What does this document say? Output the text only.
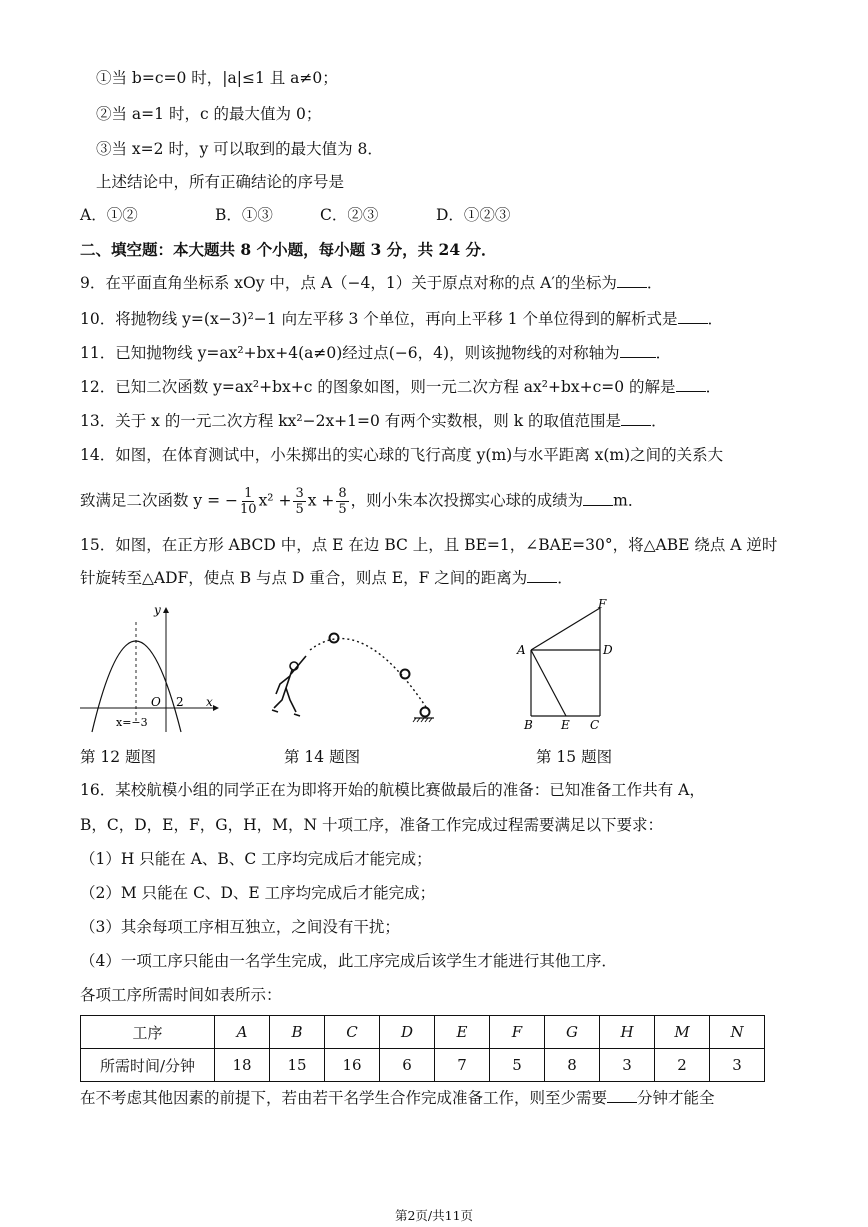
①当 b=c=0 时，|a|≤1 且 a≠0；
②当 a=1 时，c 的最大值为 0；
③当 x=2 时，y 可以取到的最大值为 8．
上述结论中，所有正确结论的序号是
A．①②	B．①③	C．②③	D．①②③
二、填空题：本大题共 8 个小题，每小题 3 分，共 24 分．
9．在平面直角坐标系 xOy 中，点 A（−4，1）关于原点对称的点 A′的坐标为 ．
10．将抛物线 y=(x−3)²−1 向左平移 3 个单位，再向上平移 1 个单位得到的解析式是 ．
11．已知抛物线 y=ax²+bx+4(a≠0)经过点(−6，4)，则该抛物线的对称轴为 ．
12．已知二次函数 y=ax²+bx+c 的图象如图，则一元二次方程 ax²+bx+c=0 的解是 ．
13．关于 x 的一元二次方程 kx²−2x+1=0 有两个实数根，则 k 的取值范围是 ．
14．如图，在体育测试中，小朱掷出的实心球的飞行高度 y(m)与水平距离 x(m)之间的关系大
致满足二次函数 y = − $\frac{1}{10} x^2 + \frac{3}{5}$ $x + \frac{8}{5}$ ，则小朱本次投掷实心球的成绩为 m．
15．如图，在正方形 ABCD 中，点 E 在边 BC 上，且 BE=1，∠BAE=30°，将△ABE 绕点 A 逆时
针旋转至△ADF，使点 B 与点 D 重合，则点 E，F 之间的距离为 ．
y
x
O 2
x=−3
A
B	C
D
E
F
第 12 题图	第 14 题图	第 15 题图
16．某校航模小组的同学正在为即将开始的航模比赛做最后的准备：已知准备工作共有 A，
B，C，D，E，F，G，H，M，N 十项工序，准备工作完成过程需要满足以下要求：
（1）H 只能在 A、B、C 工序均完成后才能完成；
（2）M 只能在 C、D、E 工序均完成后才能完成；
（3）其余每项工序相互独立，之间没有干扰；
（4）一项工序只能由一名学生完成，此工序完成后该学生才能进行其他工序．
各项工序所需时间如表所示：
工序	A	B	C	D	E	F	G	H	M	N
所需时间/分钟	18	15	16	6	7	5	8	3	2	3
在不考虑其他因素的前提下，若由若干名学生合作完成准备工作，则至少需要 分钟才能全
第2页/共11页
